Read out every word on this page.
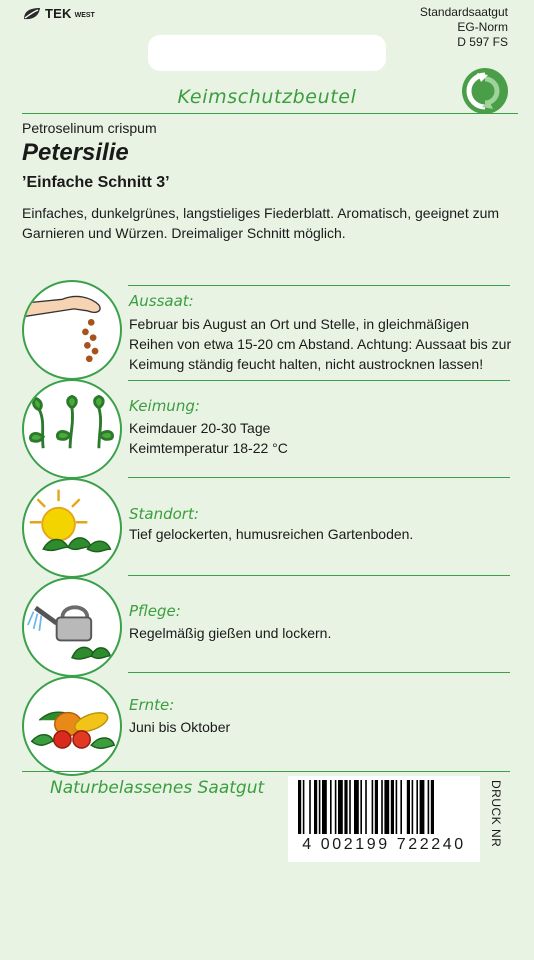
TEK WEST	Standardsaatgut
EG-Norm
D 597 FS
Keimschutzbeutel
Petroselinum crispum
Petersilie
’Einfache Schnitt 3’
Einfaches, dunkelgrünes, langstieliges Fiederblatt. Aromatisch, geeignet zum Garnieren und Würzen. Dreimaliger Schnitt möglich.
Aussaat:
Februar bis August an Ort und Stelle, in gleichmäßigen Reihen von etwa 15-20 cm Abstand. Achtung: Aussaat bis zur Keimung ständig feucht halten, nicht austrocknen lassen!
Keimung:
Keimdauer 20-30 Tage
Keimtemperatur 18-22 °C
Standort:
Tief gelockerten, humusreichen Gartenboden.
Pflege:
Regelmäßig gießen und lockern.
Ernte:
Juni bis Oktober
Naturbelassenes Saatgut
4 002199 722240	DRUCK NR
